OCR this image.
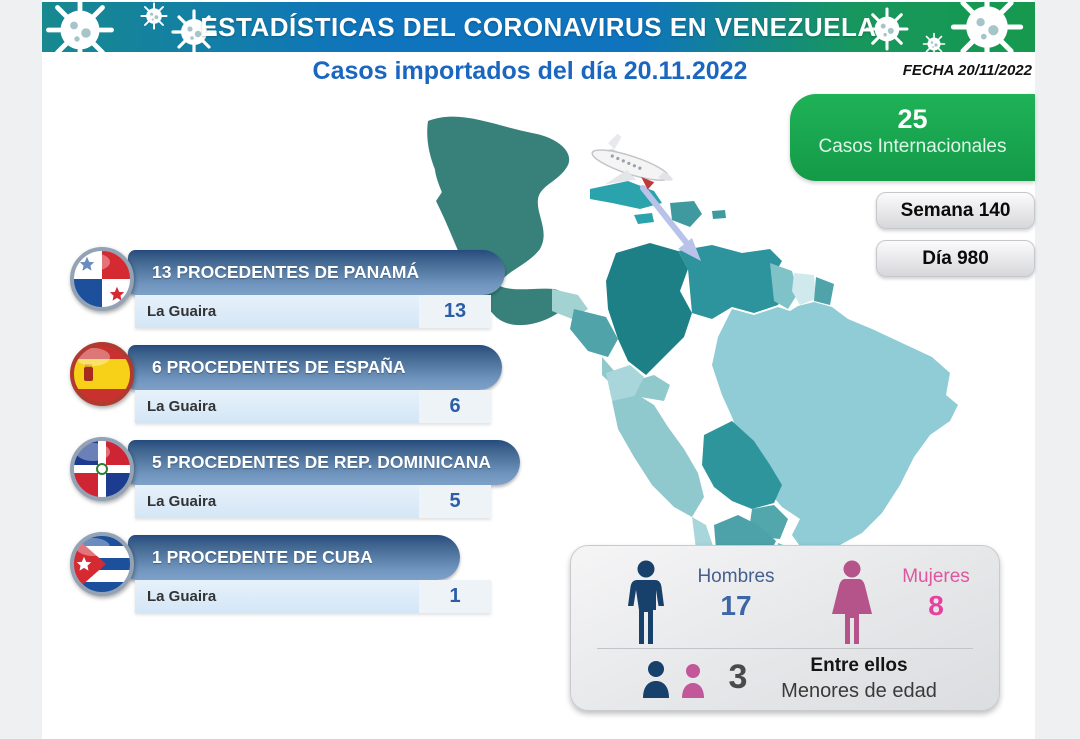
ESTADÍSTICAS DEL CORONAVIRUS EN VENEZUELA
Casos importados del día 20.11.2022	FECHA 20/11/2022
25
Casos Internacionales
Semana 140
Día 980
13 PROCEDENTES DE PANAMÁ
La Guaira	13
6 PROCEDENTES DE ESPAÑA
La Guaira	6
5 PROCEDENTES DE REP. DOMINICANA
La Guaira	5
1 PROCEDENTE DE CUBA
La Guaira	1
Hombres
17
Mujeres
8
3	Entre ellos
Menores de edad
